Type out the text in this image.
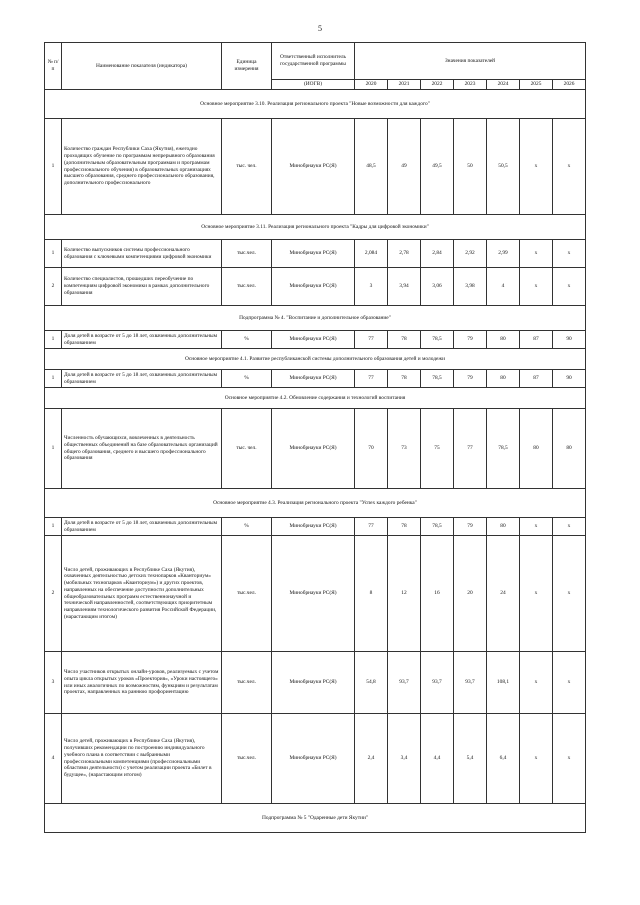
5
№ п/п	Наименование показателя (индикатора)	Единица измерения	Ответственный исполнитель государственной программы	Значения показателей						
			(ИОГВ)	2020	2021	2022	2023	2024	2025	2026
Основное мероприятие 3.10. Реализация регионального проекта "Новые возможности для каждого"										
1	Количество граждан Республики Саха (Якутия), ежегодно проходящих обучение по программам непрерывного образования (дополнительным образовательным программам и программам профессионального обучения) в образовательных организациях высшего образования, среднего профессионального образования, дополнительного профессионального	тыс. чел.	Минобрнауки РС(Я)	48,5	49	49,5	50	50,5	х	х
Основное мероприятие 3.11. Реализация регионального проекта "Кадры для цифровой экономики"										
1	Количество выпускников системы профессионального образования с ключевыми компетенциями цифровой экономики	тыс.чел.	Минобрнауки РС(Я)	2,084	2,78	2,84	2,92	2,99	х	х
2	Количество специалистов, прошедших переобучение по компетенциям цифровой экономики в рамках дополнительного образования	тыс.чел.	Минобрнауки РС(Я)	3	3,94	3,06	3,98	4	х	х
Подпрограмма № 4. "Воспитание и дополнительное образование"										
1	Доля детей в возрасте от 5 до 18 лет, охваченных дополнительным образованием	%	Минобрнауки РС(Я)	77	78	78,5	79	80	87	90
Основное мероприятие 4.1. Развитие республиканской системы дополнительного образования детей и молодежи										
1	Доля детей в возрасте от 5 до 18 лет, охваченных дополнительным образованием	%	Минобрнауки РС(Я)	77	78	78,5	79	80	87	90
Основное мероприятие 4.2. Обновление содержания и технологий воспитания										
1	Численность обучающихся, вовлеченных в деятельность общественных объединений на базе образовательных организаций общего образования, среднего и высшего профессионального образования	тыс. чел.	Минобрнауки РС(Я)	70	73	75	77	78,5	80	80
Основное мероприятие 4.3. Реализация регионального проекта "Успех каждого ребенка"										
1	Доля детей в возрасте от 5 до 18 лет, охваченных дополнительным образованием	%	Минобрнауки РС(Я)	77	78	78,5	79	80	х	х
2	Число детей, проживающих в Республике Саха (Якутия), охваченных деятельностью детских технопарков «Кванториум» (мобильных технопарков «Кванториум») и других проектов, направленных на обеспечение доступности дополнительных общеобразовательных программ естественнонаучной и технической направленностей, соответствующих приоритетным направлениям технологического развития Российской Федерации, (нарастающим итогом)	тыс.чел.	Минобрнауки РС(Я)	8	12	16	20	24	х	х
3	Число участников открытых онлайн-уроков, реализуемых с учетом опыта цикла открытых уроков «Проектория», «Уроки настоящего» или иных аналогичных по возможностям, функциям и результатам проектах, направленных на раннюю профориентацию	тыс.чел.	Минобрнауки РС(Я)	54,8	93,7	93,7	93,7	108,1	х	х
4	Число детей, проживающих в Республике Саха (Якутия), получивших рекомендации по построению индивидуального учебного плана в соответствии с выбранными профессиональными компетенциями (профессиональными областями деятельности) с учетом реализации проекта «Билет в будущее», (нарастающим итогом)	тыс.чел.	Минобрнауки РС(Я)	2,4	3,4	4,4	5,4	6,4	х	х
Подпрограмма № 5 "Одаренные дети Якутии"										
